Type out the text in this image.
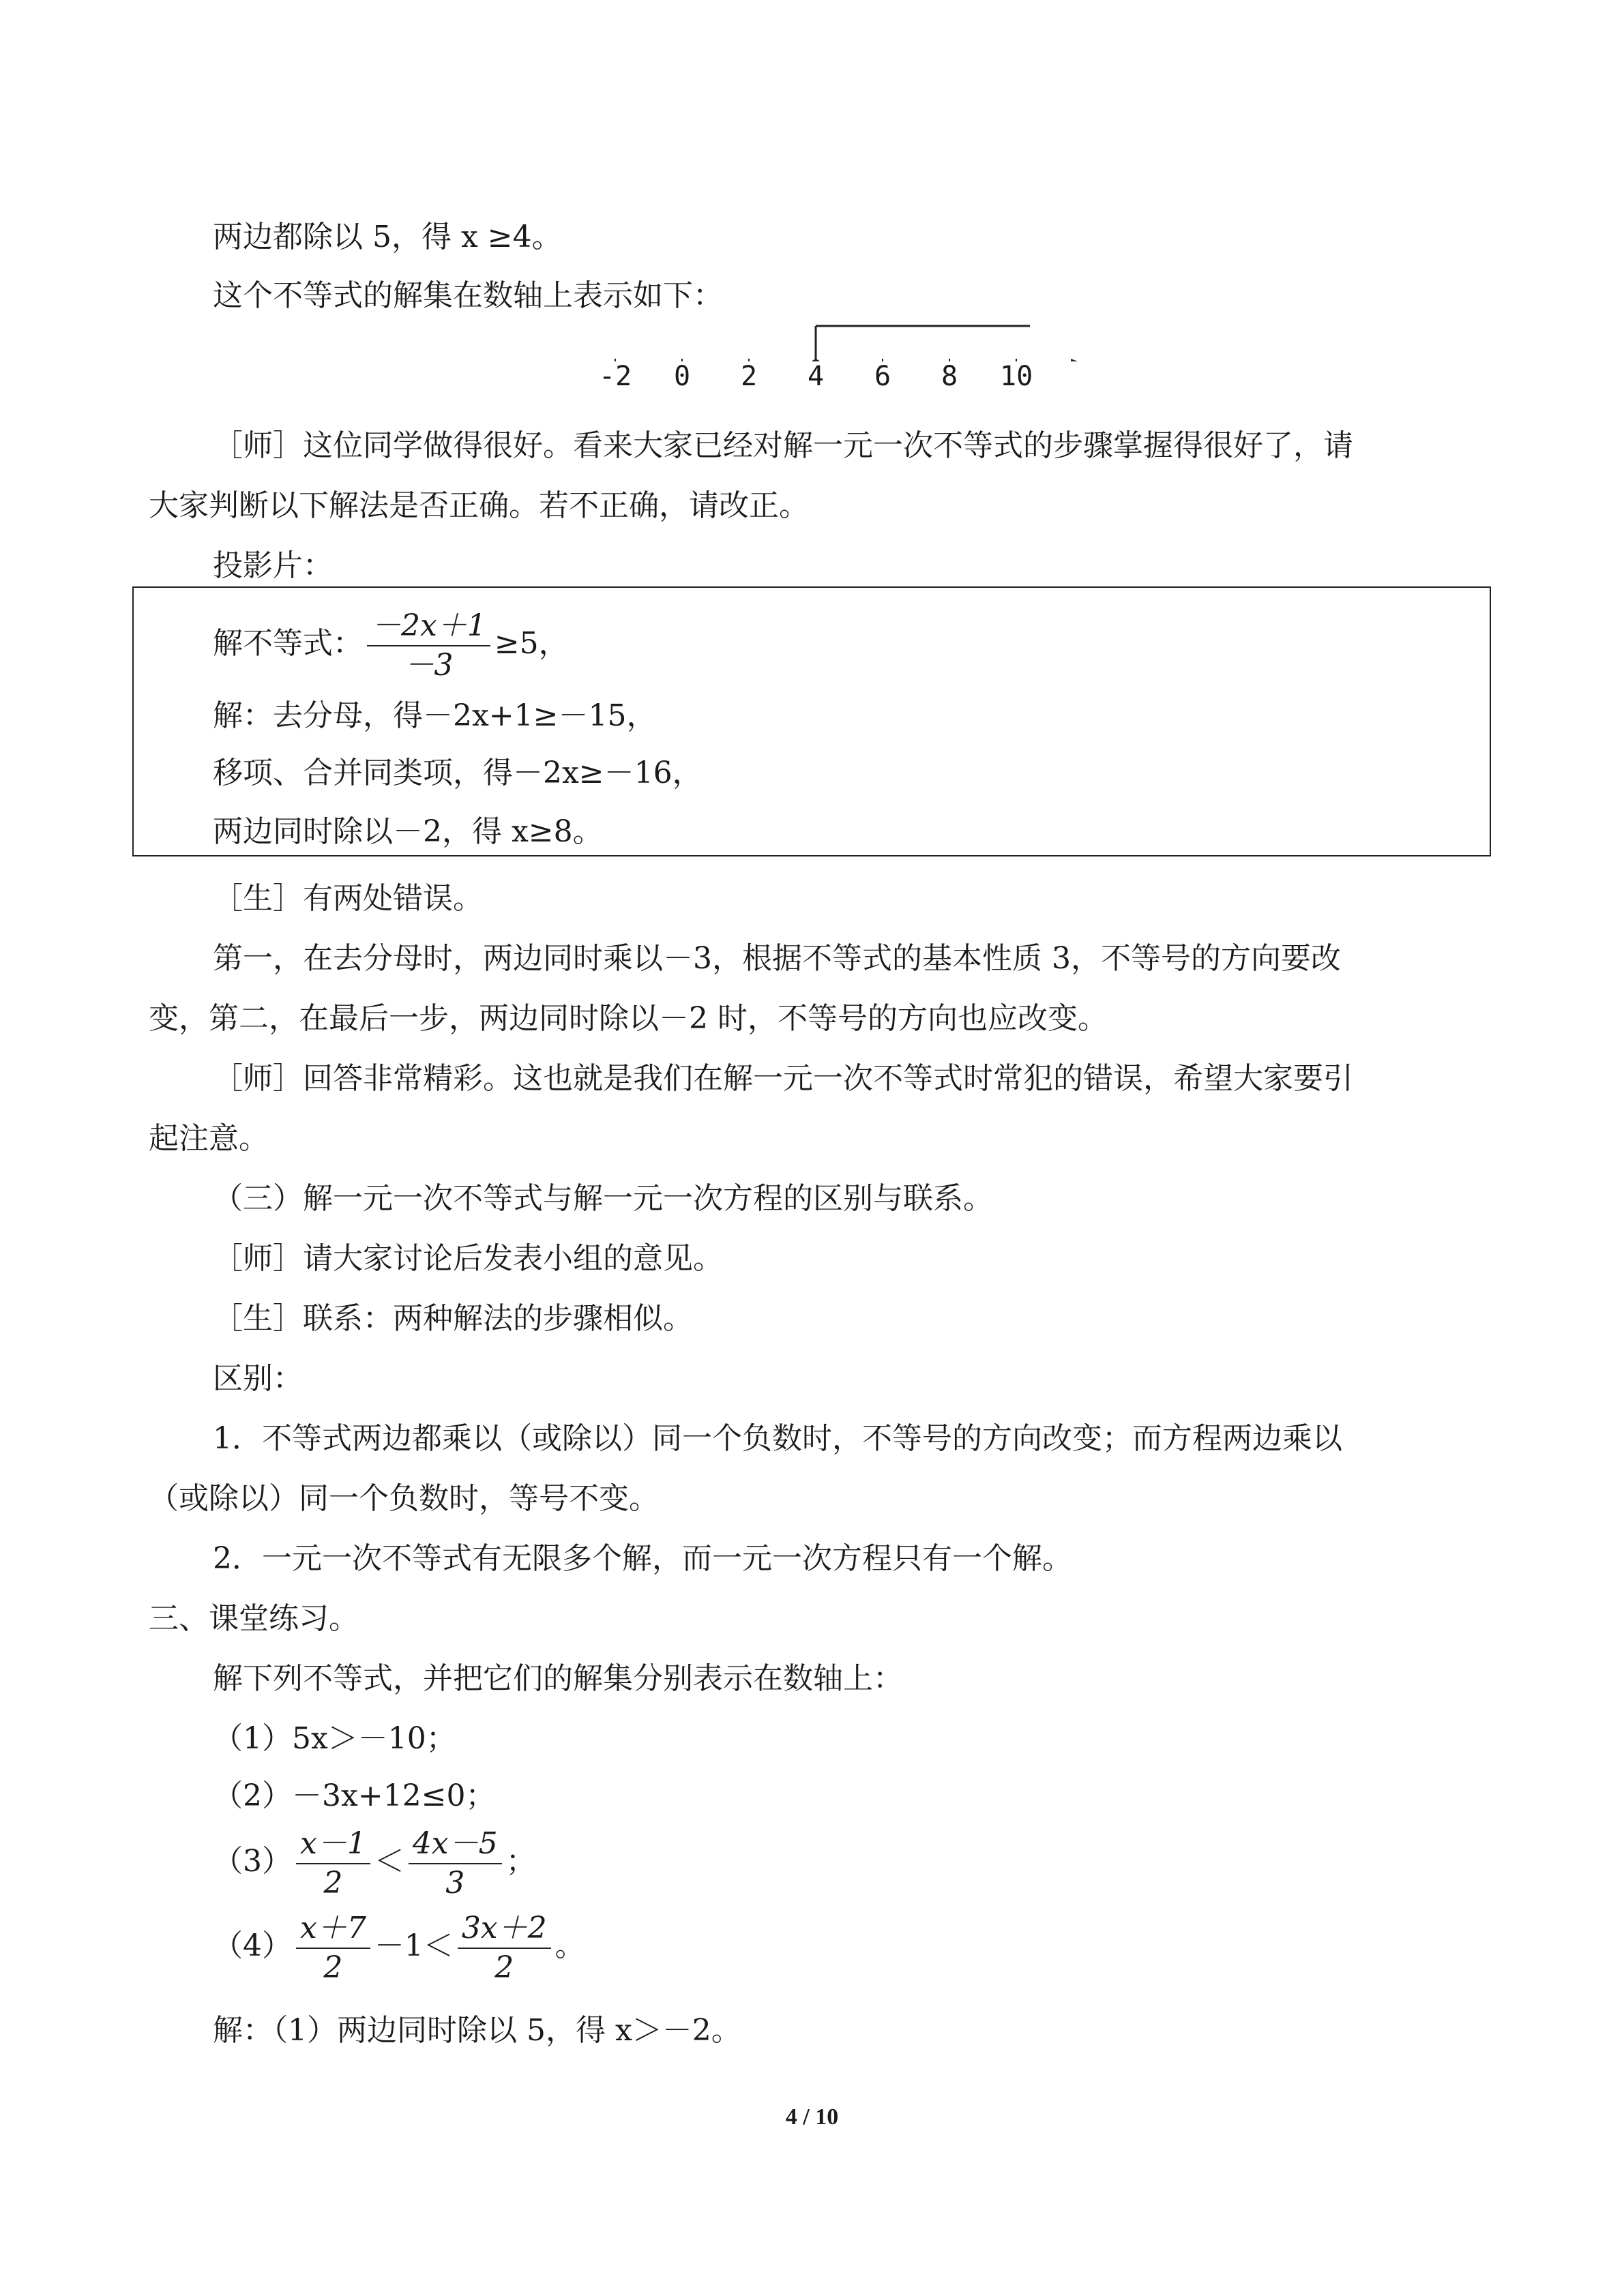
两边都除以 5，得 x ≥4。
这个不等式的解集在数轴上表示如下：
-2 0 2 4 6 8 10
［师］这位同学做得很好。看来大家已经对解一元一次不等式的步骤掌握得很好了，请
大家判断以下解法是否正确。若不正确，请改正。
投影片：
解不等式： $\frac{-2x+1}{-3} \ge 5$，
解：去分母，得－2x+1≥－15，
移项、合并同类项，得－2x≥－16，
两边同时除以－2，得 x≥8。
［生］有两处错误。
第一，在去分母时，两边同时乘以－3，根据不等式的基本性质 3，不等号的方向要改
变，第二，在最后一步，两边同时除以－2 时，不等号的方向也应改变。
［师］回答非常精彩。这也就是我们在解一元一次不等式时常犯的错误，希望大家要引
起注意。
（三）解一元一次不等式与解一元一次方程的区别与联系。
［师］请大家讨论后发表小组的意见。
［生］联系：两种解法的步骤相似。
区别：
1．不等式两边都乘以（或除以）同一个负数时，不等号的方向改变；而方程两边乘以
（或除以）同一个负数时，等号不变。
2．一元一次不等式有无限多个解，而一元一次方程只有一个解。
三、课堂练习。
解下列不等式，并把它们的解集分别表示在数轴上：
（1）5x＞－10；
（2）－3x+12≤0；
$(3) \frac{x-1}{2} < \frac{4x-5}{3}$ ；
$(4) \frac{x+7}{2} -1< \frac{3x+2}{2}$ 。
解：（1）两边同时除以 5，得 x＞－2。
4 / 10
